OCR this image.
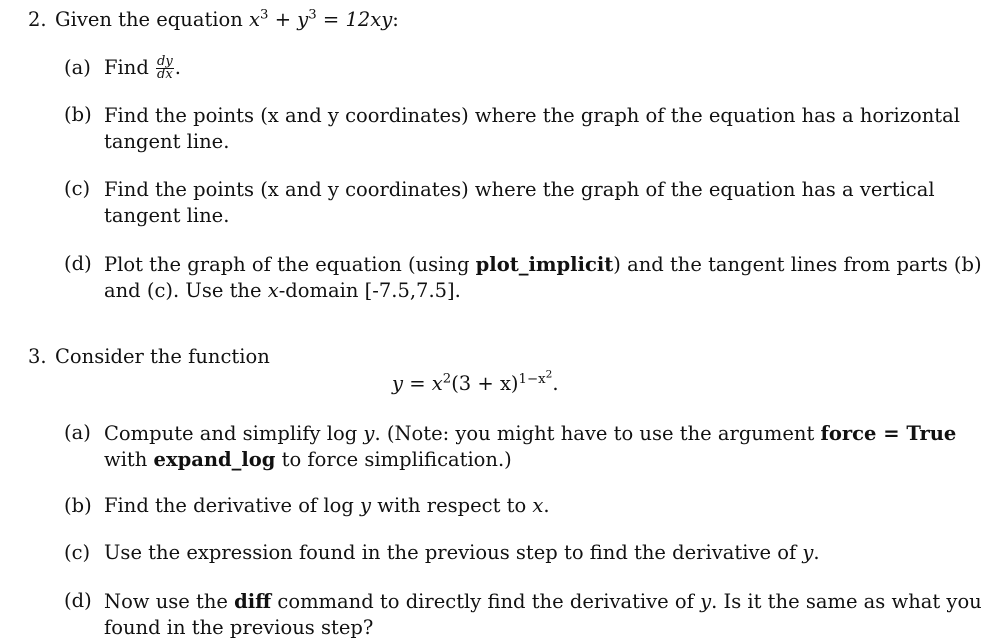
2. Given the equation $x^3 + y^3 = 12xy$:
(a) Find $\frac{dy}{dx}$ .
(b) Find the points (x and y coordinates) where the graph of the equation has a horizontal tangent line.
(c) Find the points (x and y coordinates) where the graph of the equation has a vertical tangent line.
(d) Plot the graph of the equation (using plot_implicit) and the tangent lines from parts (b) and (c). Use the x-domain [-7.5,7.5].
3. Consider the function
$y = x^2(3 + x)^{1-x^2}$.
(a) Compute and simplify log y. (Note: you might have to use the argument force = True with expand_log to force simplification.)
(b) Find the derivative of log y with respect to x.
(c) Use the expression found in the previous step to find the derivative of y.
(d) Now use the diff command to directly find the derivative of y. Is it the same as what you found in the previous step?
